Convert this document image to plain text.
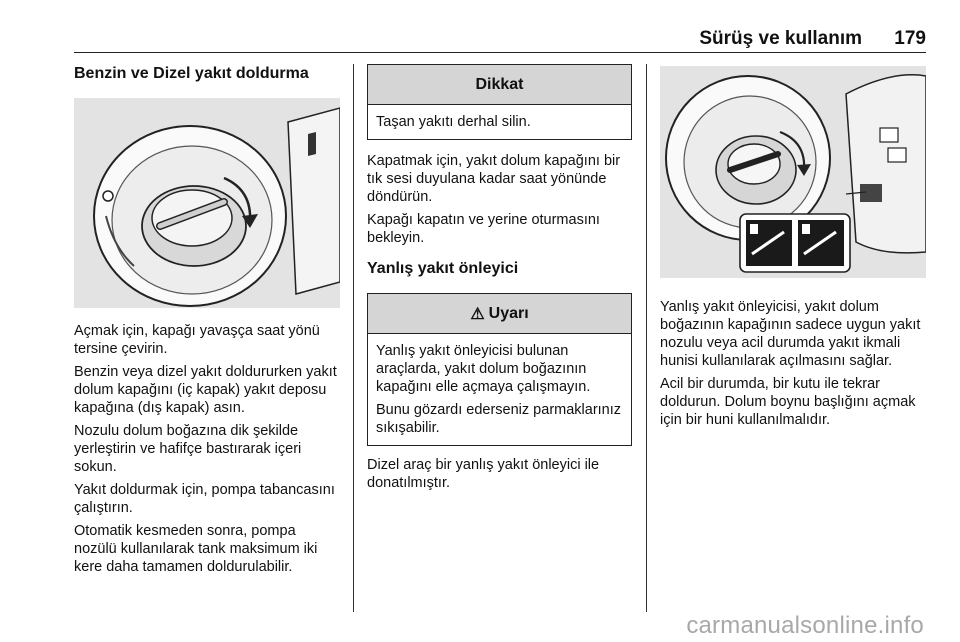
Sürüş ve kullanım 179
Benzin ve Dizel yakıt doldurma

Açmak için, kapağı yavaşça saat yönü tersine çevirin.

Benzin veya dizel yakıt doldururken yakıt dolum kapağını (iç kapak) yakıt deposu kapağına (dış kapak) asın.

Nozulu dolum boğazına dik şekilde yerleştirin ve hafifçe bastırarak içeri sokun.

Yakıt doldurmak için, pompa tabancasını çalıştırın.

Otomatik kesmeden sonra, pompa nozülü kullanılarak tank maksimum iki kere daha tamamen doldurulabilir.

Dikkat

Taşan yakıtı derhal silin.

Kapatmak için, yakıt dolum kapağını bir tık sesi duyulana kadar saat yönünde döndürün.

Kapağı kapatın ve yerine oturmasını bekleyin.

Yanlış yakıt önleyici
⚠ Uyarı

Yanlış yakıt önleyicisi bulunan araçlarda, yakıt dolum boğazının kapağını elle açmaya çalışmayın.

Bunu gözardı ederseniz parmaklarınız sıkışabilir.

Dizel araç bir yanlış yakıt önleyici ile donatılmıştır.

Yanlış yakıt önleyicisi, yakıt dolum boğazının kapağının sadece uygun yakıt nozulu veya acil durumda yakıt ikmali hunisi kullanılarak açılmasını sağlar.

Acil bir durumda, bir kutu ile tekrar doldurun. Dolum boynu başlığını açmak için bir huni kullanılmalıdır.

carmanualsonline.info
